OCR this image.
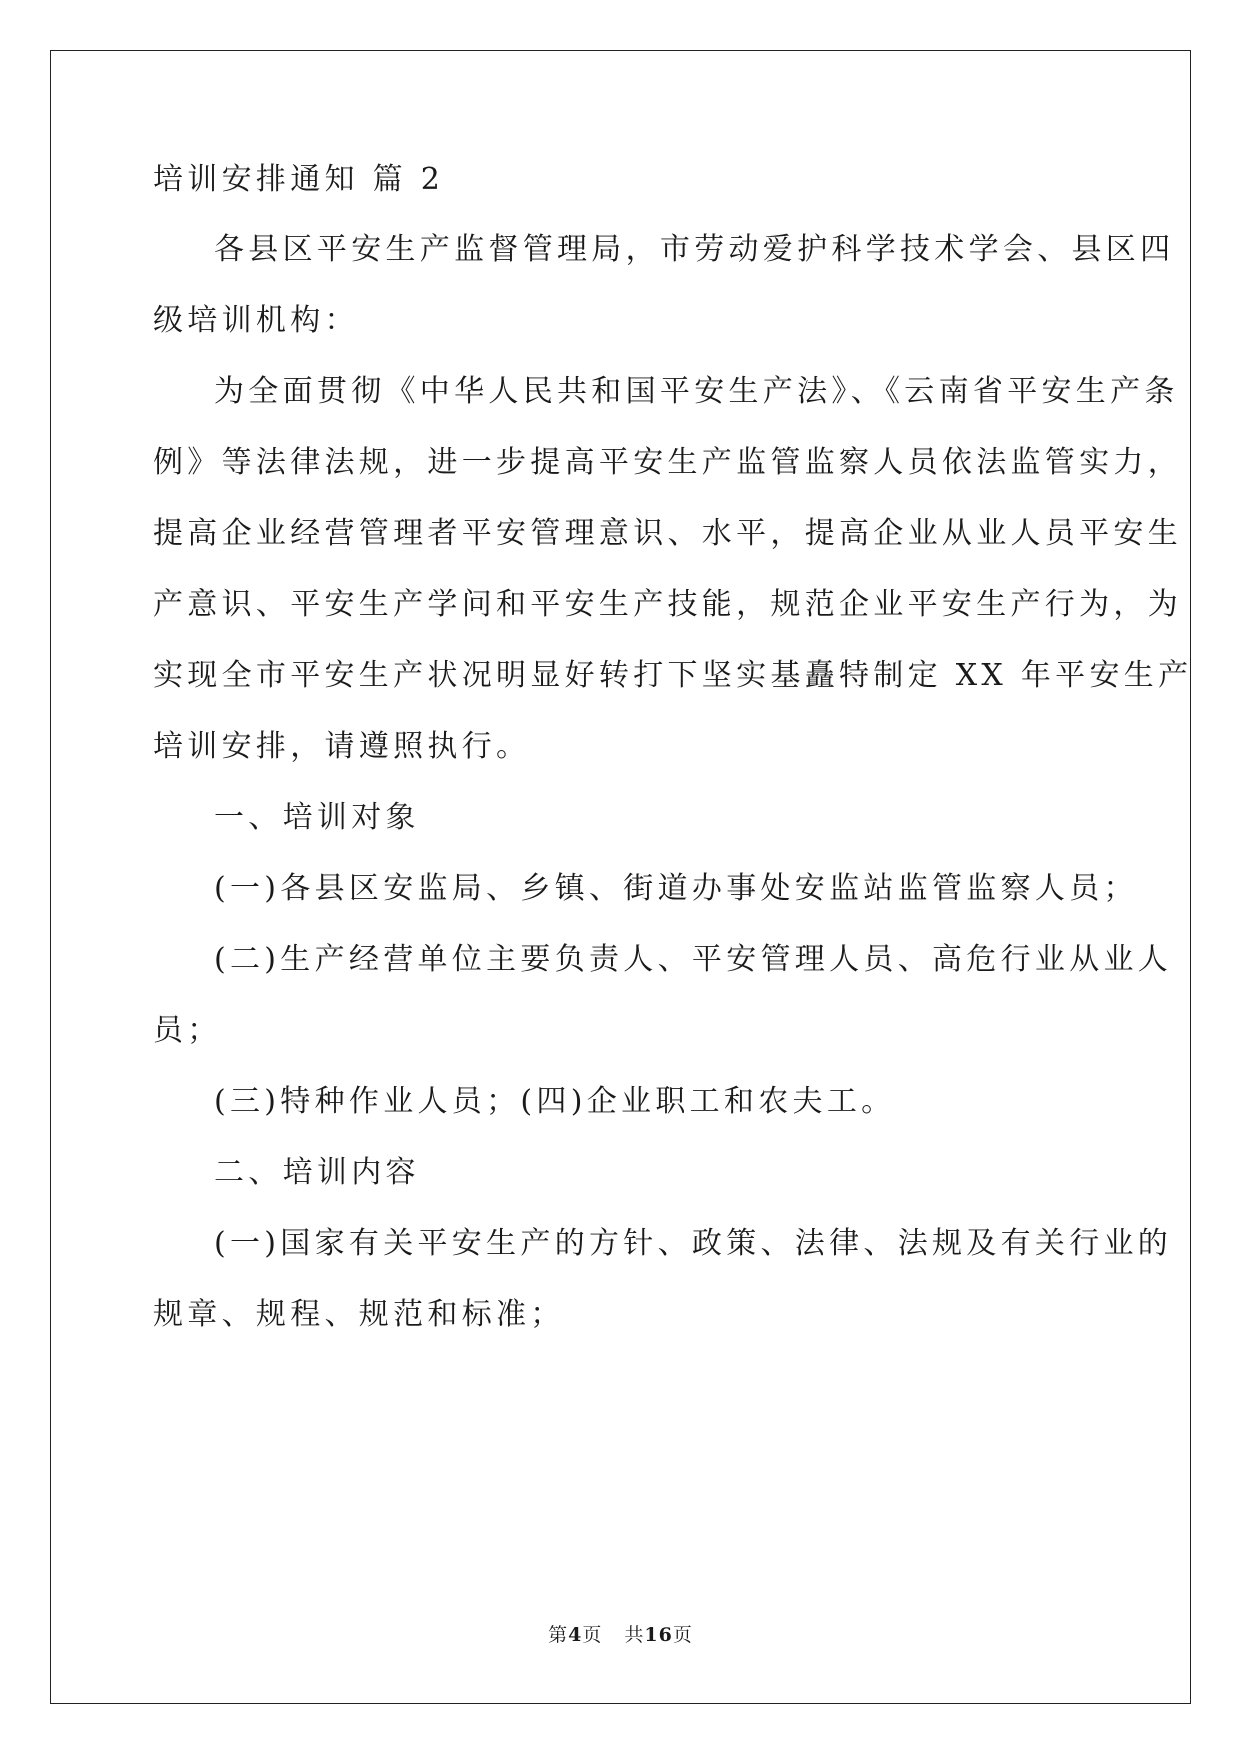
培训安排通知 篇 2
各县区平安生产监督管理局，市劳动爱护科学技术学会、县区四
级培训机构：
为全面贯彻《中华人民共和国平安生产法》、《云南省平安生产条
例》等法律法规，进一步提高平安生产监管监察人员依法监管实力，
提高企业经营管理者平安管理意识、水平，提高企业从业人员平安生
产意识、平安生产学问和平安生产技能，规范企业平安生产行为，为
实现全市平安生产状况明显好转打下坚实基矗特制定 XX 年平安生产
培训安排，请遵照执行。
一、培训对象
(一)各县区安监局、乡镇、街道办事处安监站监管监察人员；
(二)生产经营单位主要负责人、平安管理人员、高危行业从业人
员；
(三)特种作业人员；(四)企业职工和农夫工。
二、培训内容
(一)国家有关平安生产的方针、政策、法律、法规及有关行业的
规章、规程、规范和标准；
第4页 共16页
